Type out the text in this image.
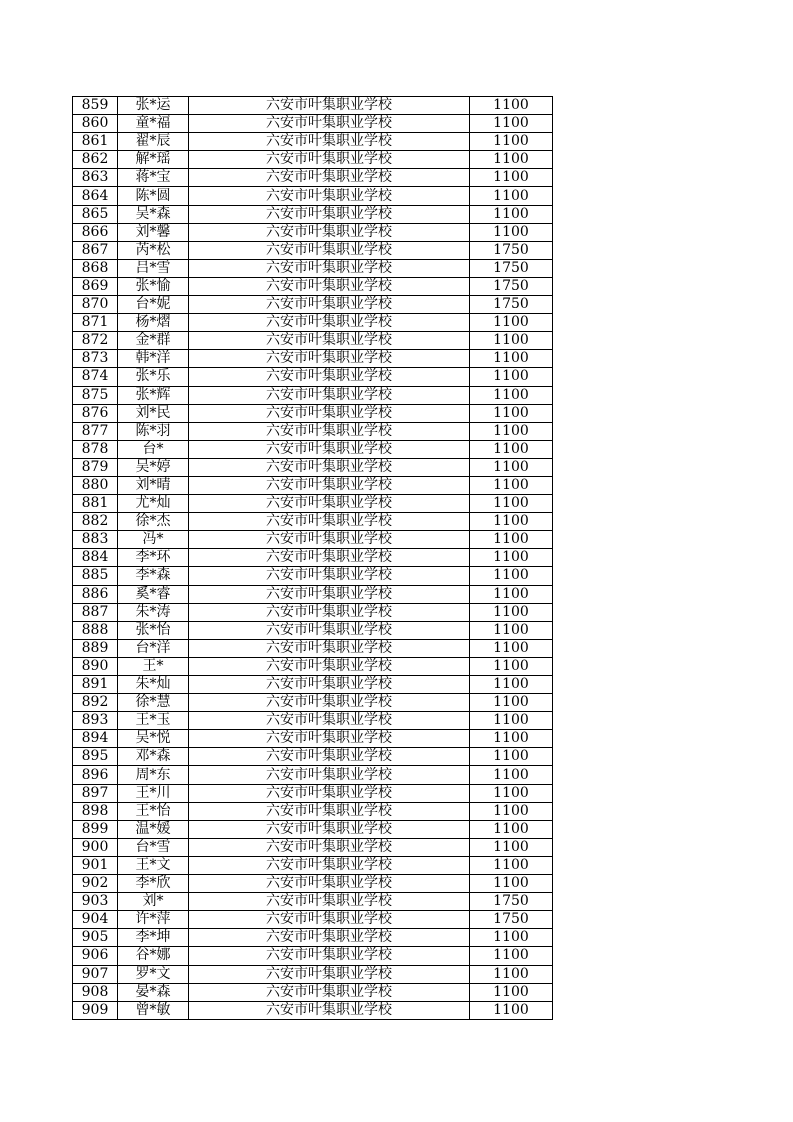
859	张*运	六安市叶集职业学校	1100
860	童*福	六安市叶集职业学校	1100
861	翟*辰	六安市叶集职业学校	1100
862	解*瑶	六安市叶集职业学校	1100
863	蒋*宝	六安市叶集职业学校	1100
864	陈*圆	六安市叶集职业学校	1100
865	吴*森	六安市叶集职业学校	1100
866	刘*馨	六安市叶集职业学校	1100
867	芮*松	六安市叶集职业学校	1750
868	吕*雪	六安市叶集职业学校	1750
869	张*愉	六安市叶集职业学校	1750
870	台*妮	六安市叶集职业学校	1750
871	杨*熠	六安市叶集职业学校	1100
872	金*群	六安市叶集职业学校	1100
873	韩*洋	六安市叶集职业学校	1100
874	张*乐	六安市叶集职业学校	1100
875	张*辉	六安市叶集职业学校	1100
876	刘*民	六安市叶集职业学校	1100
877	陈*羽	六安市叶集职业学校	1100
878	台*	六安市叶集职业学校	1100
879	吴*婷	六安市叶集职业学校	1100
880	刘*晴	六安市叶集职业学校	1100
881	尤*灿	六安市叶集职业学校	1100
882	徐*杰	六安市叶集职业学校	1100
883	冯*	六安市叶集职业学校	1100
884	李*环	六安市叶集职业学校	1100
885	李*森	六安市叶集职业学校	1100
886	奚*睿	六安市叶集职业学校	1100
887	朱*涛	六安市叶集职业学校	1100
888	张*怡	六安市叶集职业学校	1100
889	台*洋	六安市叶集职业学校	1100
890	王*	六安市叶集职业学校	1100
891	朱*灿	六安市叶集职业学校	1100
892	徐*慧	六安市叶集职业学校	1100
893	王*玉	六安市叶集职业学校	1100
894	吴*悦	六安市叶集职业学校	1100
895	邓*森	六安市叶集职业学校	1100
896	周*东	六安市叶集职业学校	1100
897	王*川	六安市叶集职业学校	1100
898	王*怡	六安市叶集职业学校	1100
899	温*媛	六安市叶集职业学校	1100
900	台*雪	六安市叶集职业学校	1100
901	王*文	六安市叶集职业学校	1100
902	李*欣	六安市叶集职业学校	1100
903	刘*	六安市叶集职业学校	1750
904	许*萍	六安市叶集职业学校	1750
905	李*坤	六安市叶集职业学校	1100
906	谷*娜	六安市叶集职业学校	1100
907	罗*文	六安市叶集职业学校	1100
908	晏*森	六安市叶集职业学校	1100
909	曾*敏	六安市叶集职业学校	1100
